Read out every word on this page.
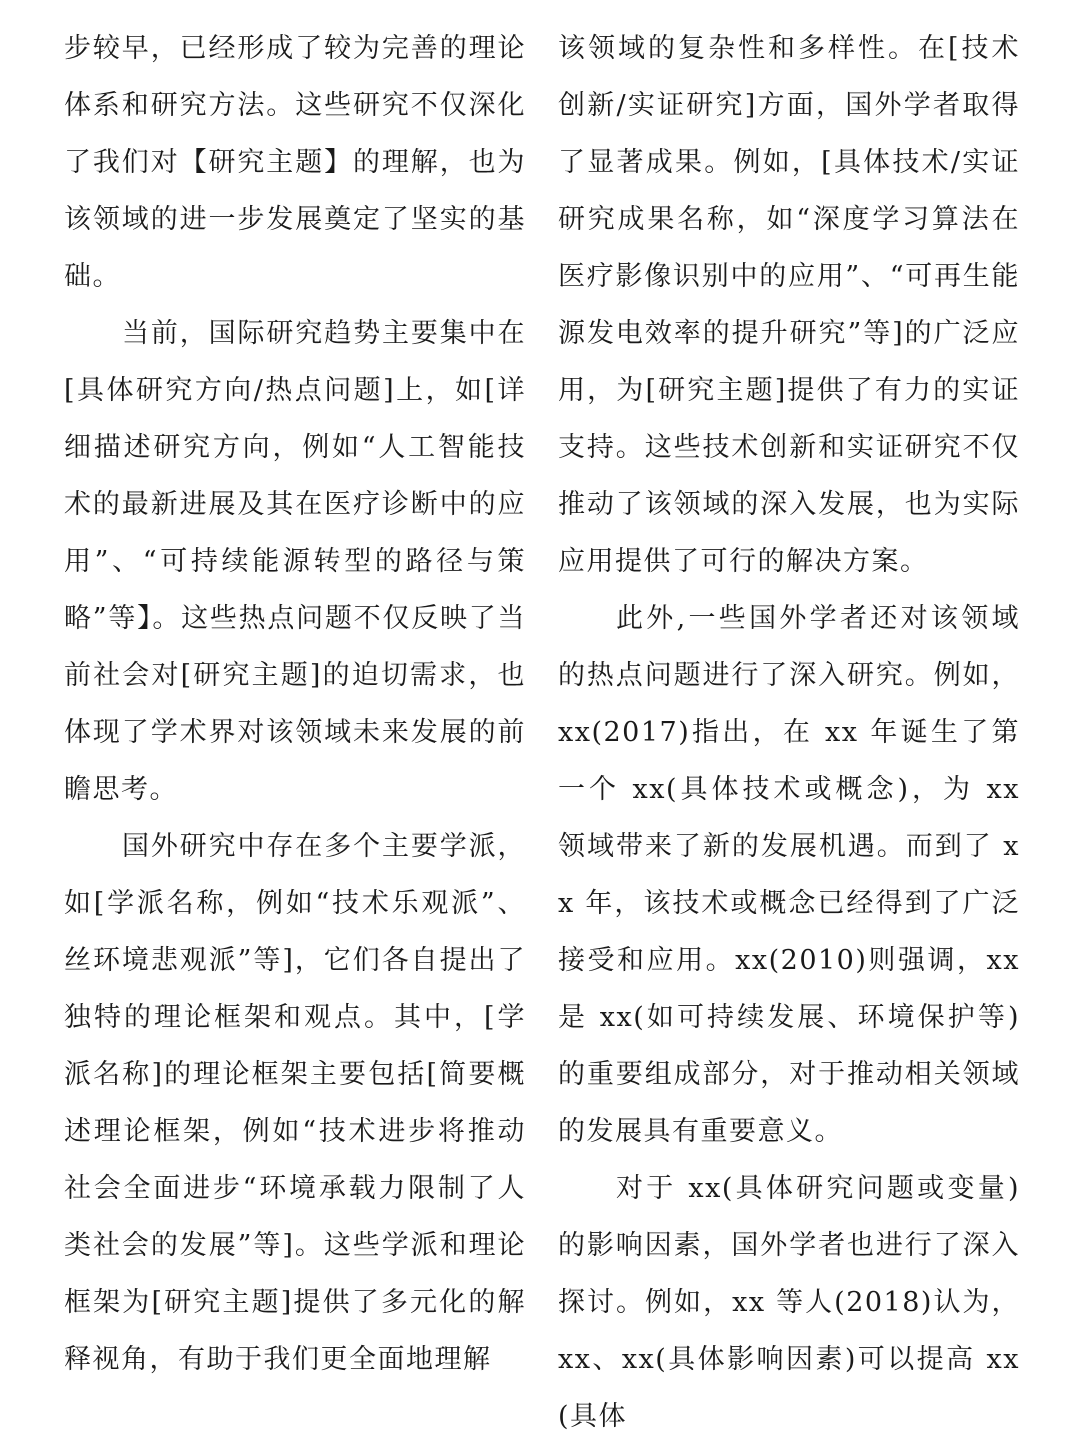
步较早，已经形成了较为完善的理论体系和研究方法。这些研究不仅深化了我们对【研究主题】的理解，也为该领域的进一步发展奠定了坚实的基础。

当前，国际研究趋势主要集中在[具体研究方向/热点问题]上，如[详细描述研究方向，例如“人工智能技术的最新进展及其在医疗诊断中的应用”、“可持续能源转型的路径与策略”等】。这些热点问题不仅反映了当前社会对[研究主题]的迫切需求，也体现了学术界对该领域未来发展的前瞻思考。

国外研究中存在多个主要学派，如[学派名称，例如“技术乐观派”、丝环境悲观派”等]，它们各自提出了独特的理论框架和观点。其中，[学派名称]的理论框架主要包括[简要概述理论框架，例如“技术进步将推动社会全面进步“环境承载力限制了人类社会的发展”等]。这些学派和理论框架为[研究主题]提供了多元化的解释视角，有助于我们更全面地理解

该领域的复杂性和多样性。在[技术创新/实证研究]方面，国外学者取得了显著成果。例如，[具体技术/实证研究成果名称，如“深度学习算法在医疗影像识别中的应用”、“可再生能源发电效率的提升研究”等]的广泛应用，为[研究主题]提供了有力的实证支持。这些技术创新和实证研究不仅推动了该领域的深入发展，也为实际应用提供了可行的解决方案。

此外,一些国外学者还对该领域的热点问题进行了深入研究。例如，xx(2017)指出，在 xx 年诞生了第一个 xx(具体技术或概念)，为 xx 领域带来了新的发展机遇。而到了 xx 年，该技术或概念已经得到了广泛接受和应用。xx(2010)则强调，xx 是 xx(如可持续发展、环境保护等)的重要组成部分，对于推动相关领域的发展具有重要意义。

对于 xx(具体研究问题或变量)的影响因素，国外学者也进行了深入探讨。例如，xx 等人(2018)认为，xx、xx(具体影响因素)可以提高 xx(具体
